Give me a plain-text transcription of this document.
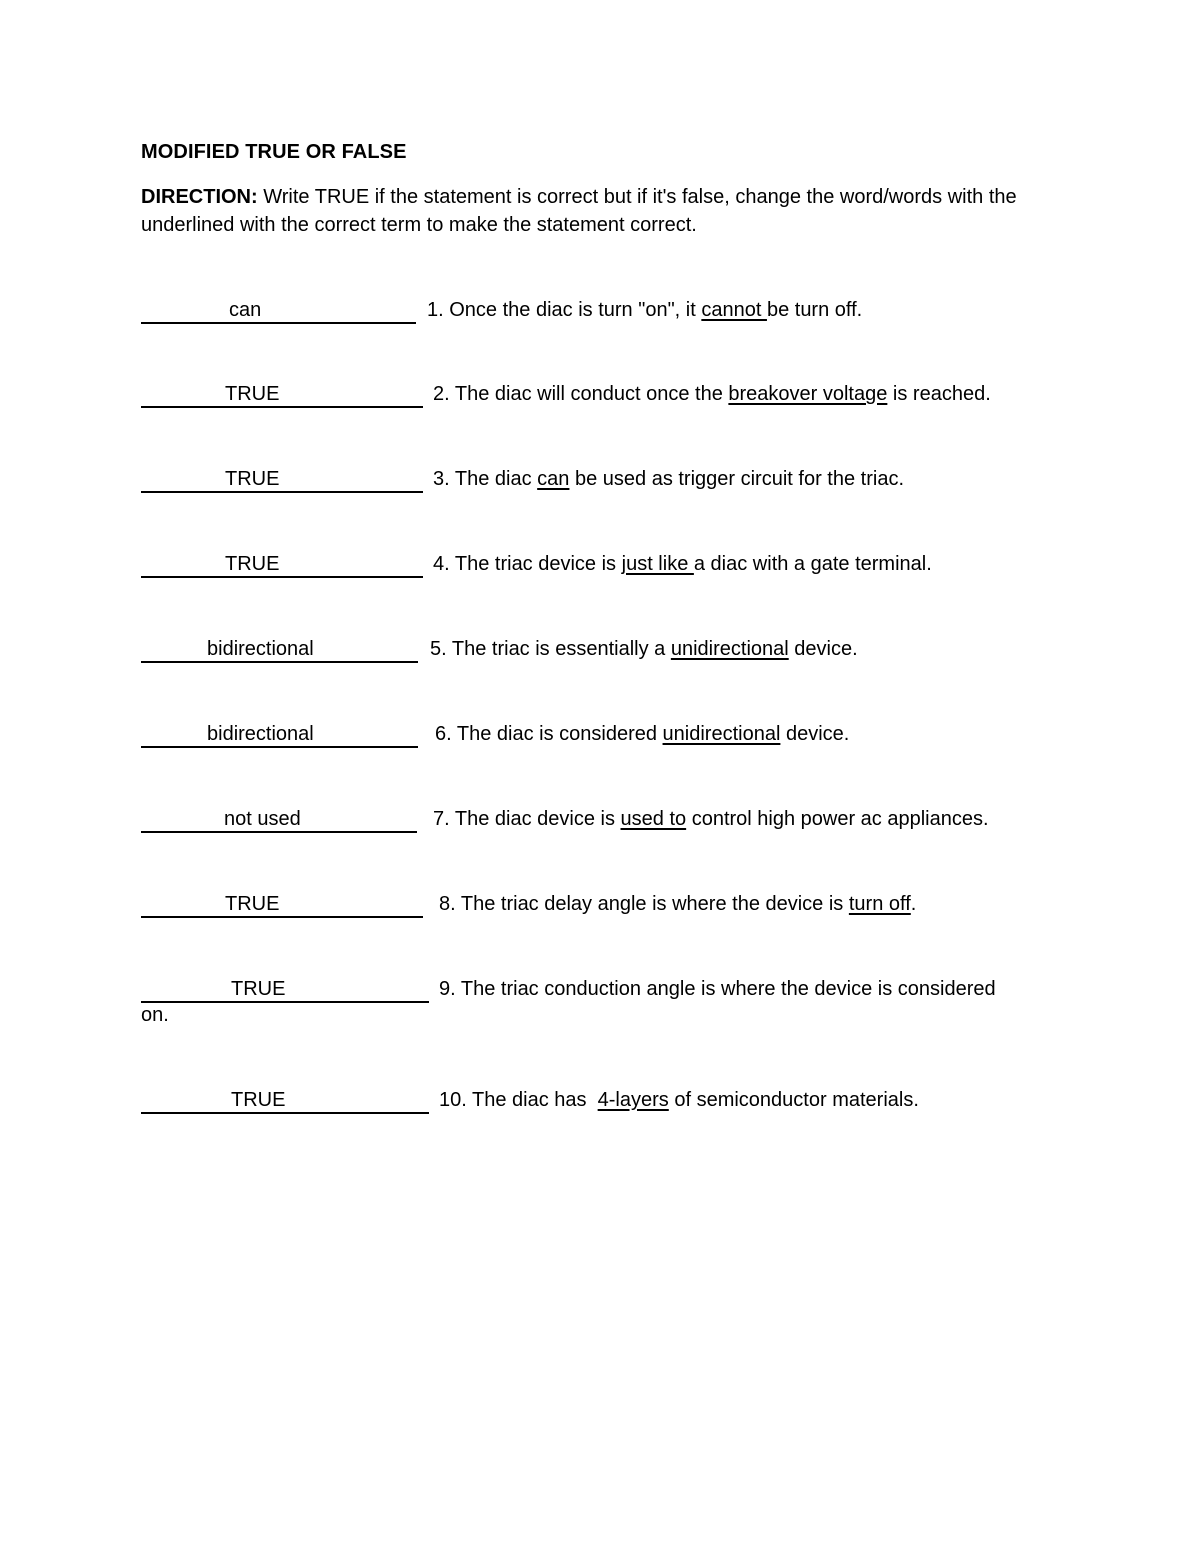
MODIFIED TRUE OR FALSE
DIRECTION: Write TRUE if the statement is correct but if it's false, change the word/words with the underlined with the correct term to make the statement correct.
can	1. Once the diac is turn "on", it cannot be turn off.
TRUE	2. The diac will conduct once the breakover voltage is reached.
TRUE	3. The diac can be used as trigger circuit for the triac.
TRUE	4. The triac device is just like a diac with a gate terminal.
bidirectional	5. The triac is essentially a unidirectional device.
bidirectional	6. The diac is considered unidirectional device.
not used	7. The diac device is used to control high power ac appliances.
TRUE	8. The triac delay angle is where the device is turn off.
TRUE	9. The triac conduction angle is where the device is considered
on.
TRUE	10. The diac has  4-layers of semiconductor materials.
